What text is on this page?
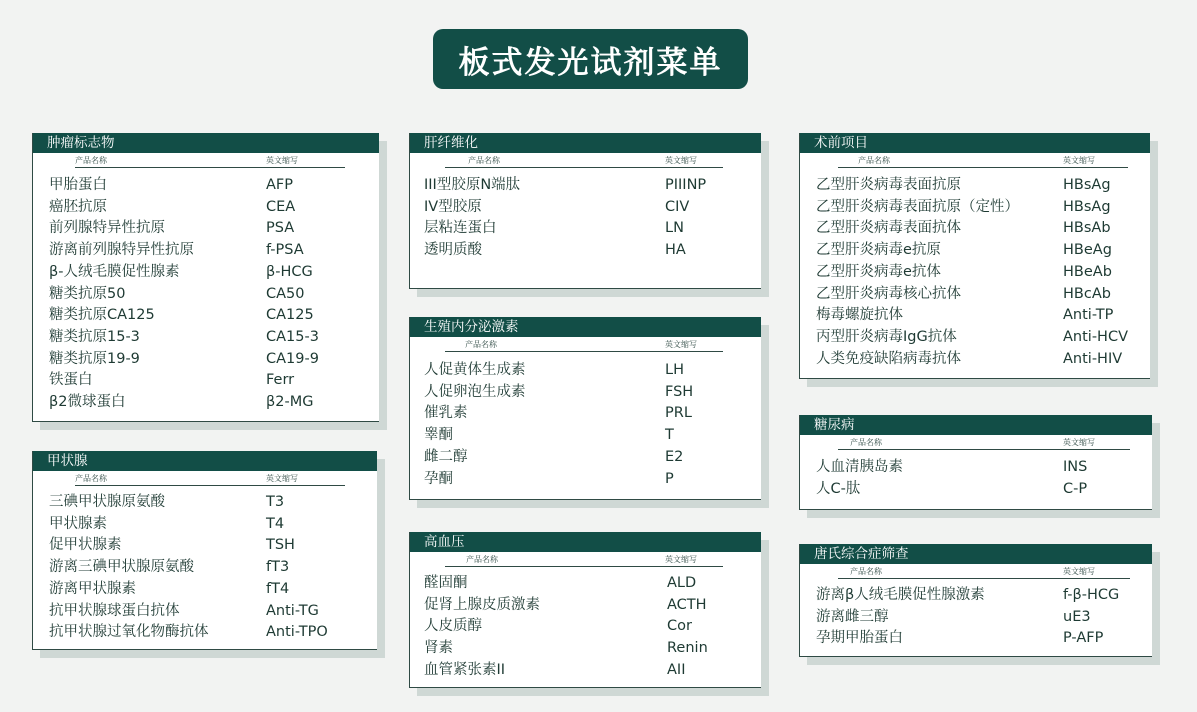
板式发光试剂菜单
肿瘤标志物
产品名称	英文缩写
甲胎蛋白	AFP
癌胚抗原	CEA
前列腺特异性抗原	PSA
游离前列腺特异性抗原	f-PSA
β-人绒毛膜促性腺素	β-HCG
糖类抗原50	CA50
糖类抗原CA125	CA125
糖类抗原15-3	CA15-3
糖类抗原19-9	CA19-9
铁蛋白	Ferr
β2微球蛋白	β2-MG
甲状腺
产品名称	英文缩写
三碘甲状腺原氨酸	T3
甲状腺素	T4
促甲状腺素	TSH
游离三碘甲状腺原氨酸	fT3
游离甲状腺素	fT4
抗甲状腺球蛋白抗体	Anti-TG
抗甲状腺过氧化物酶抗体	Anti-TPO
肝纤维化
产品名称	英文缩写
III型胶原N端肽	PIIINP
IV型胶原	CIV
层粘连蛋白	LN
透明质酸	HA
生殖内分泌激素
产品名称	英文缩写
人促黄体生成素	LH
人促卵泡生成素	FSH
催乳素	PRL
睾酮	T
雌二醇	E2
孕酮	P
高血压
产品名称	英文缩写
醛固酮	ALD
促肾上腺皮质激素	ACTH
人皮质醇	Cor
肾素	Renin
血管紧张素II	AII
术前项目
产品名称	英文缩写
乙型肝炎病毒表面抗原	HBsAg
乙型肝炎病毒表面抗原（定性）	HBsAg
乙型肝炎病毒表面抗体	HBsAb
乙型肝炎病毒e抗原	HBeAg
乙型肝炎病毒e抗体	HBeAb
乙型肝炎病毒核心抗体	HBcAb
梅毒螺旋抗体	Anti-TP
丙型肝炎病毒IgG抗体	Anti-HCV
人类免疫缺陷病毒抗体	Anti-HIV
糖尿病
产品名称	英文缩写
人血清胰岛素	INS
人C-肽	C-P
唐氏综合症筛查
产品名称	英文缩写
游离β人绒毛膜促性腺激素	f-β-HCG
游离雌三醇	uE3
孕期甲胎蛋白	P-AFP
